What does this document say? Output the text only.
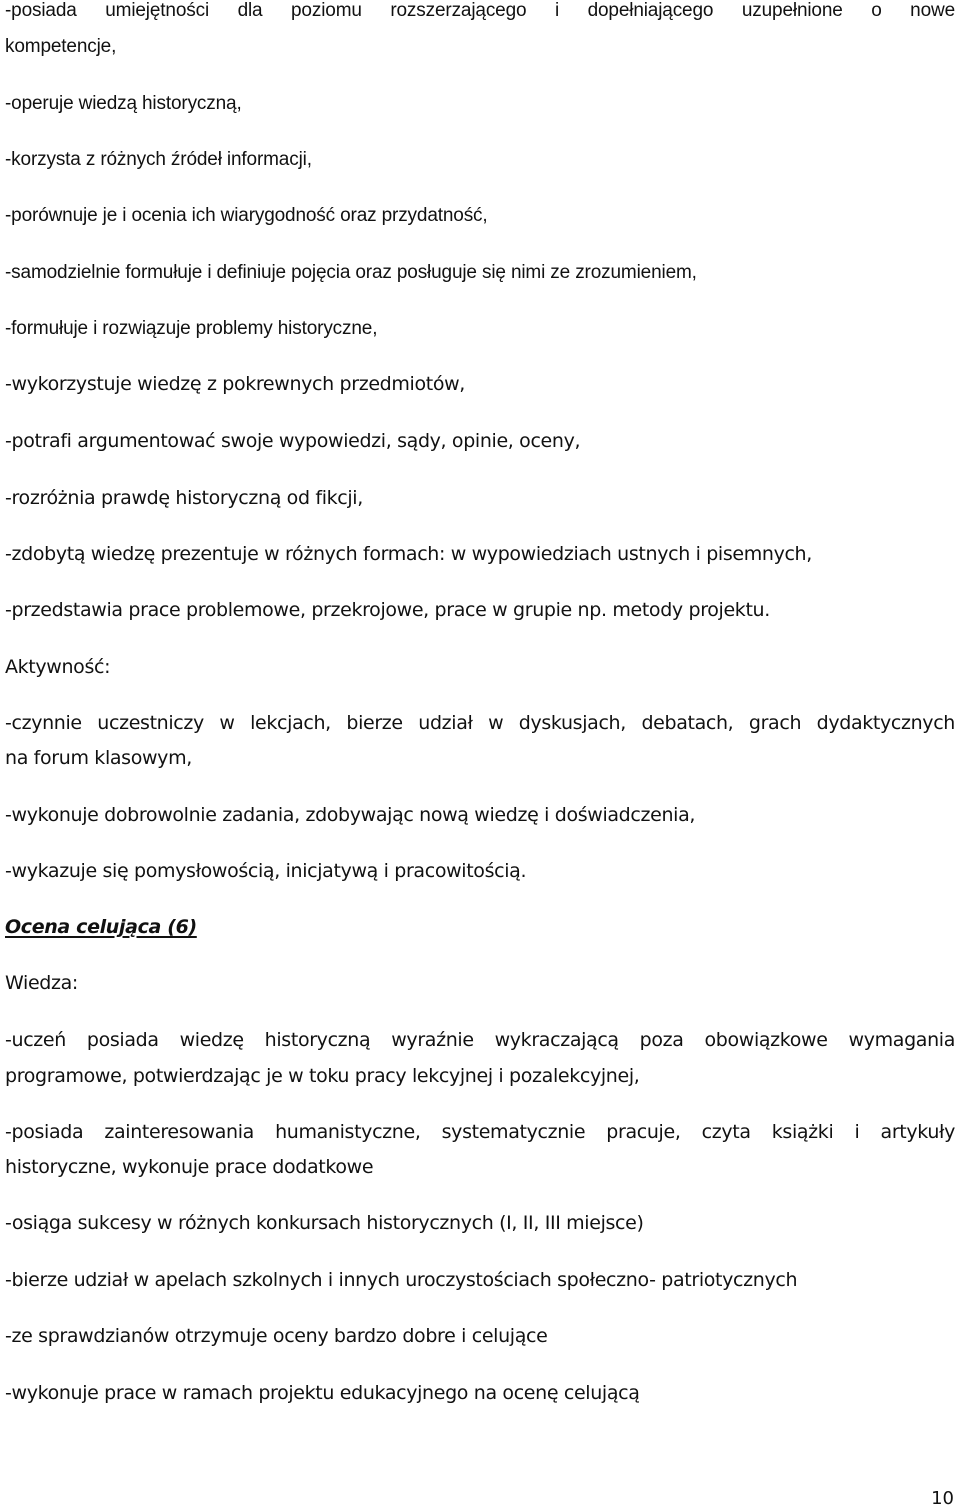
-posiada umiejętności dla poziomu rozszerzającego i dopełniającego uzupełnione o nowe

kompetencje,

-operuje wiedzą historyczną,

-korzysta z różnych źródeł informacji,

-porównuje je i ocenia ich wiarygodność oraz przydatność,

-samodzielnie formułuje i definiuje pojęcia oraz posługuje się nimi ze zrozumieniem,

-formułuje i rozwiązuje problemy historyczne,

-wykorzystuje wiedzę z pokrewnych przedmiotów,

-potrafi argumentować swoje wypowiedzi, sądy, opinie, oceny,

-rozróżnia prawdę historyczną od fikcji,

-zdobytą wiedzę prezentuje w różnych formach: w wypowiedziach ustnych i pisemnych,

-przedstawia prace problemowe, przekrojowe, prace w grupie np. metody projektu.

Aktywność:

-czynnie uczestniczy w lekcjach, bierze udział w dyskusjach, debatach, grach dydaktycznych

na forum klasowym,

-wykonuje dobrowolnie zadania, zdobywając nową wiedzę i doświadczenia,

-wykazuje się pomysłowością, inicjatywą i pracowitością.

Ocena celująca (6)

Wiedza:

-uczeń posiada wiedzę historyczną wyraźnie wykraczającą poza obowiązkowe wymagania

programowe, potwierdzając je w toku pracy lekcyjnej i pozalekcyjnej,

-posiada zainteresowania humanistyczne, systematycznie pracuje, czyta książki i artykuły

historyczne, wykonuje prace dodatkowe

-osiąga sukcesy w różnych konkursach historycznych (I, II, III miejsce)

-bierze udział w apelach szkolnych i innych uroczystościach społeczno- patriotycznych

-ze sprawdzianów otrzymuje oceny bardzo dobre i celujące

-wykonuje prace w ramach projektu edukacyjnego na ocenę celującą

10
